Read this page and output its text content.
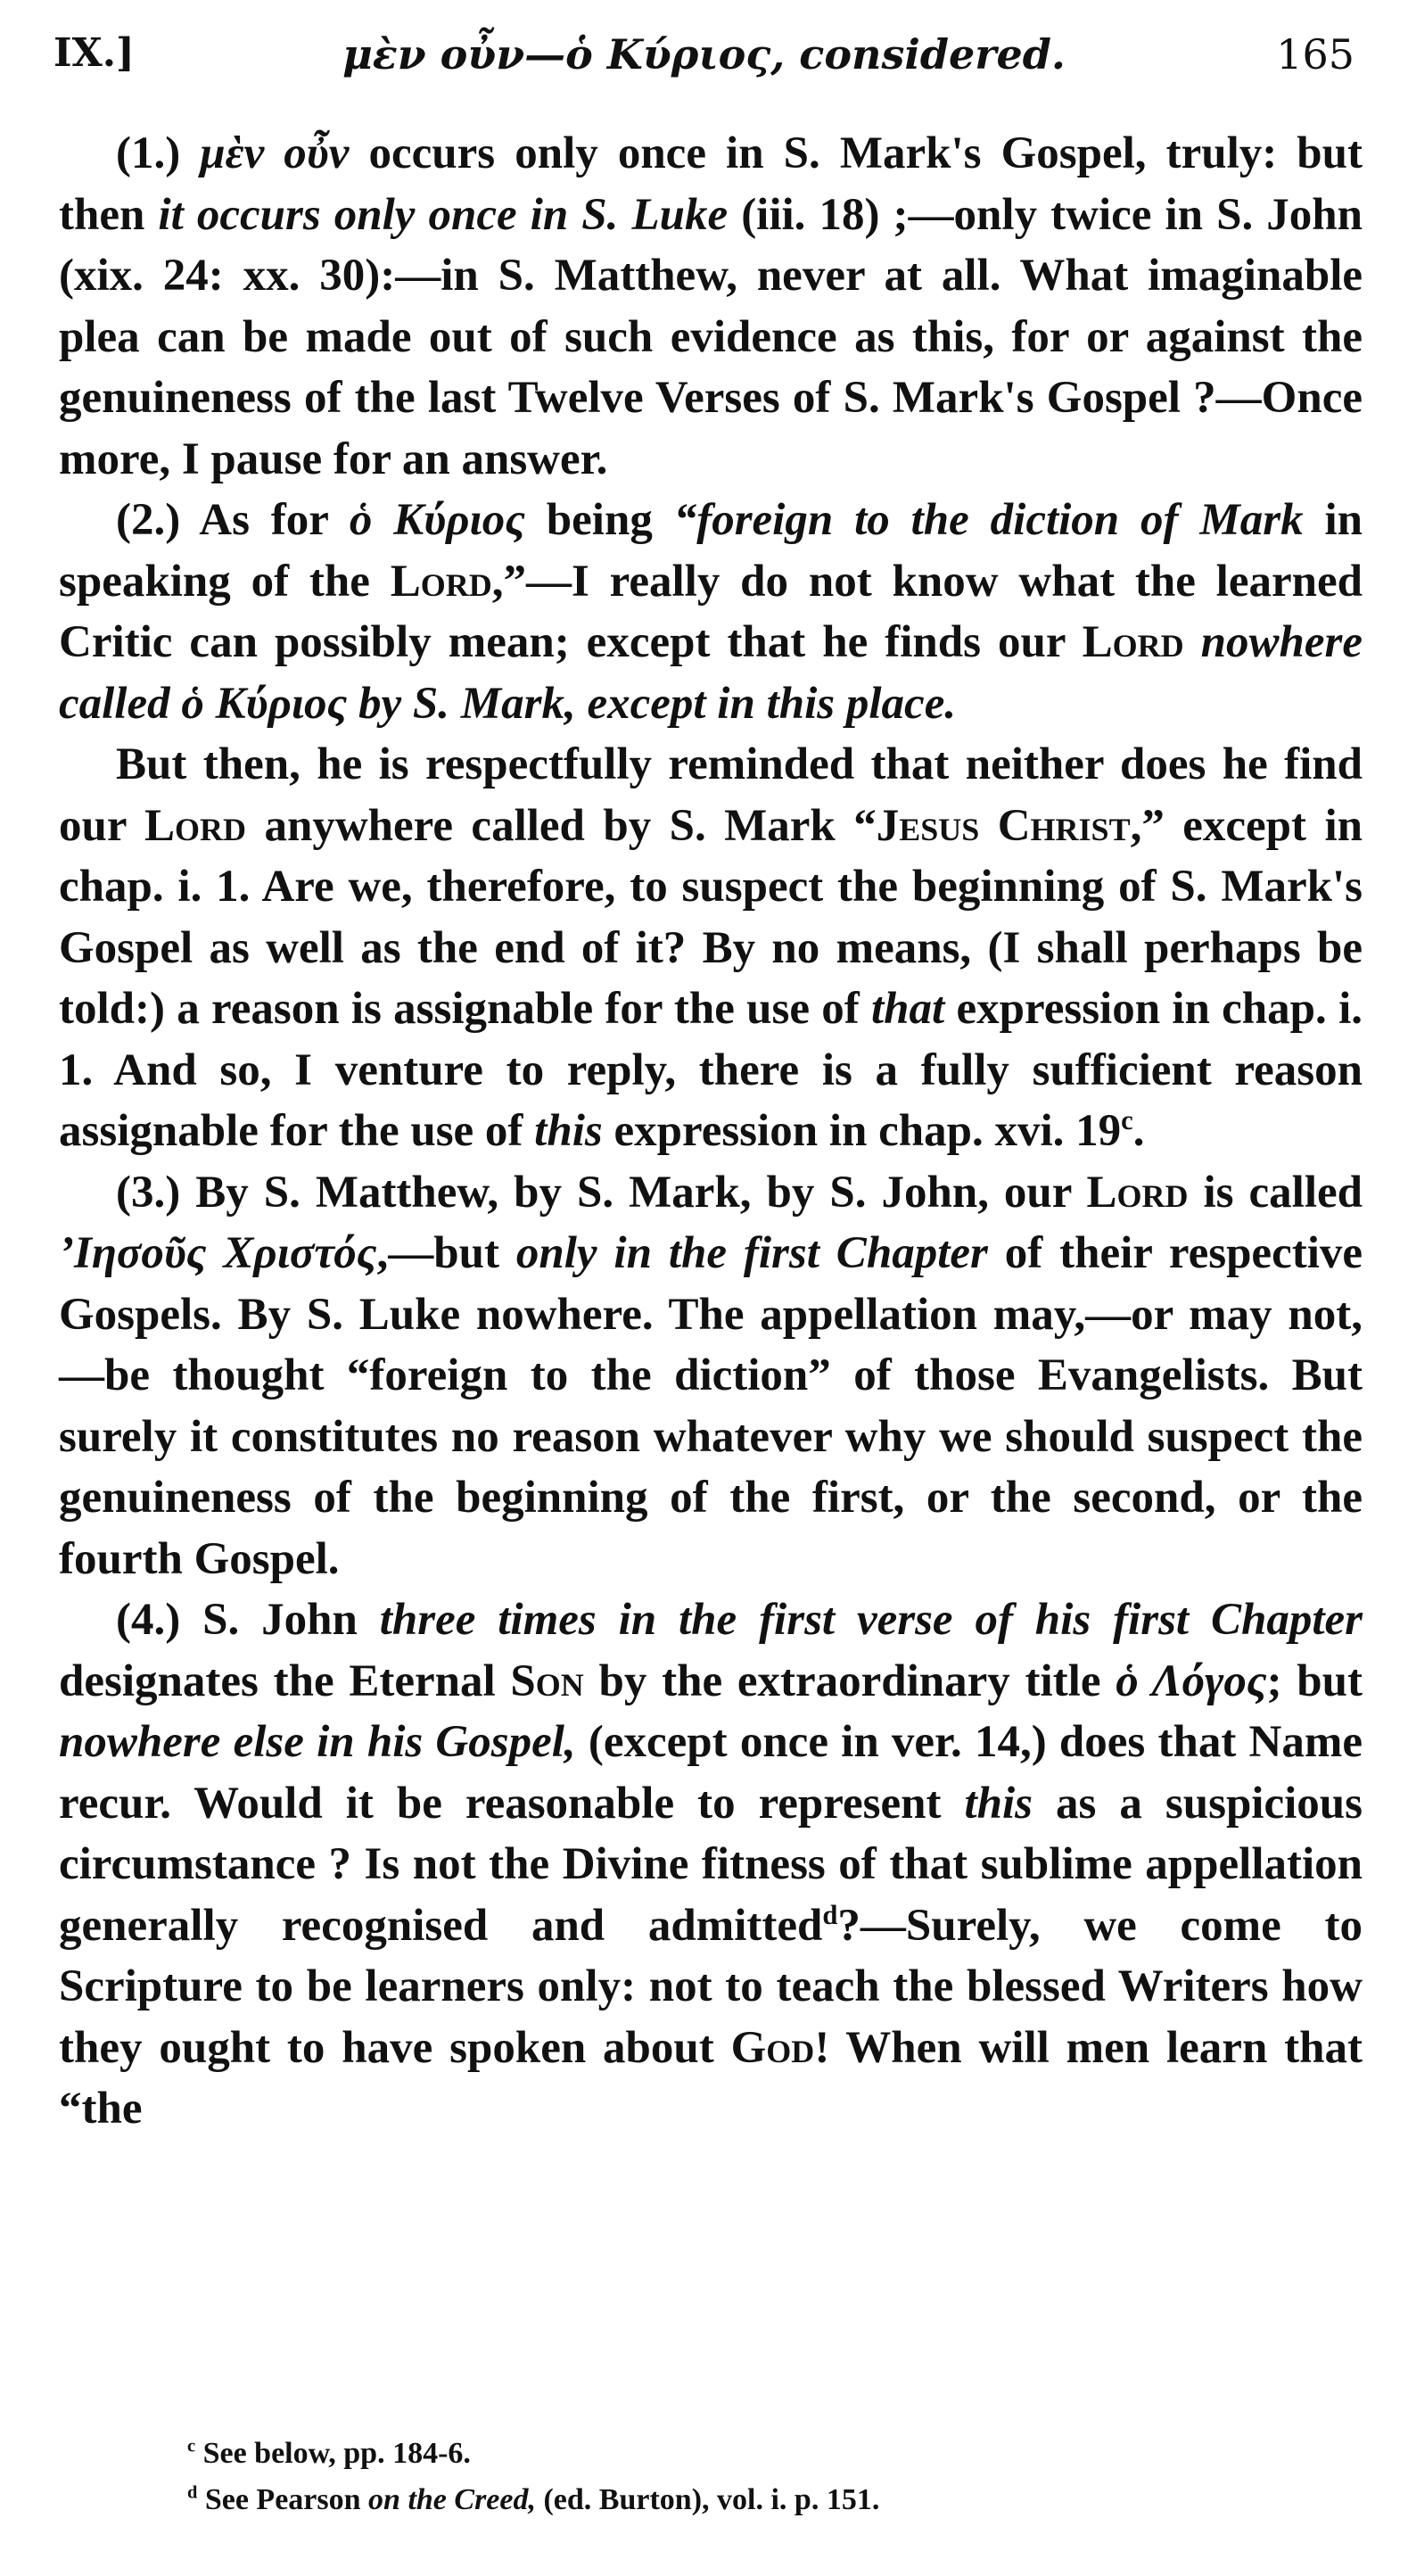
IX.]	μὲν οὖν—ὁ Κύριος, considered.	165

(1.) μὲν οὖν occurs only once in S. Mark's Gospel, truly: but then it occurs only once in S. Luke (iii. 18) ;—only twice in S. John (xix. 24: xx. 30):—in S. Matthew, never at all. What imaginable plea can be made out of such evidence as this, for or against the genuineness of the last Twelve Verses of S. Mark's Gospel ?—Once more, I pause for an answer.

(2.) As for ὁ Κύριος being “foreign to the diction of Mark in speaking of the Lord,”—I really do not know what the learned Critic can possibly mean; except that he finds our Lord nowhere called ὁ Κύριος by S. Mark, except in this place.

But then, he is respectfully reminded that neither does he find our Lord anywhere called by S. Mark “Jesus Christ,” except in chap. i. 1. Are we, therefore, to suspect the beginning of S. Mark's Gospel as well as the end of it? By no means, (I shall perhaps be told:) a reason is assignable for the use of that expression in chap. i. 1. And so, I venture to reply, there is a fully sufficient reason assignable for the use of this expression in chap. xvi. 19$^c$.

(3.) By S. Matthew, by S. Mark, by S. John, our Lord is called ’Ιησοῦς Χριστός,—but only in the first Chapter of their respective Gospels. By S. Luke nowhere. The appellation may,—or may not,—be thought “foreign to the diction” of those Evangelists. But surely it constitutes no reason whatever why we should suspect the genuineness of the beginning of the first, or the second, or the fourth Gospel.

(4.) S. John three times in the first verse of his first Chapter designates the Eternal Son by the extraordinary title ὁ Λόγος; but nowhere else in his Gospel, (except once in ver. 14,) does that Name recur. Would it be reasonable to represent this as a suspicious circumstance ? Is not the Divine fitness of that sublime appellation generally recognised and admitted$^d$?—Surely, we come to Scripture to be learners only: not to teach the blessed Writers how they ought to have spoken about God! When will men learn that “the

$^c$ See below, pp. 184-6.

$^d$ See Pearson on the Creed, (ed. Burton), vol. i. p. 151.
